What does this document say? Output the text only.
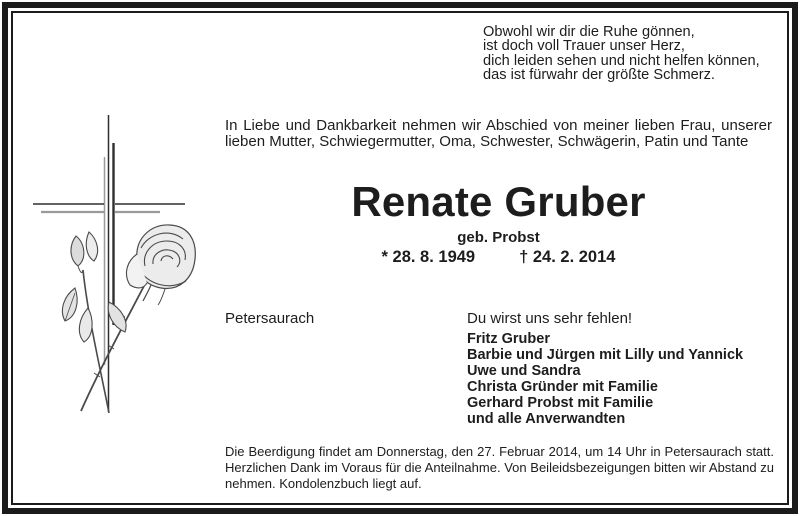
Obwohl wir dir die Ruhe gönnen,
ist doch voll Trauer unser Herz,
dich leiden sehen und nicht helfen können,
das ist fürwahr der größte Schmerz.
In Liebe und Dankbarkeit nehmen wir Abschied von meiner lieben Frau, unserer
lieben Mutter, Schwiegermutter, Oma, Schwester, Schwägerin, Patin und Tante
Renate Gruber
geb. Probst
* 28. 8. 1949	† 24. 2. 2014
Petersaurach	Du wirst uns sehr fehlen!
Fritz Gruber
Barbie und Jürgen mit Lilly und Yannick
Uwe und Sandra
Christa Gründer mit Familie
Gerhard Probst mit Familie
und alle Anverwandten
Die Beerdigung findet am Donnerstag, den 27. Februar 2014, um 14 Uhr in Petersaurach statt.
Herzlichen Dank im Voraus für die Anteilnahme. Von Beileidsbezeigungen bitten wir Abstand zu
nehmen. Kondolenzbuch liegt auf.
